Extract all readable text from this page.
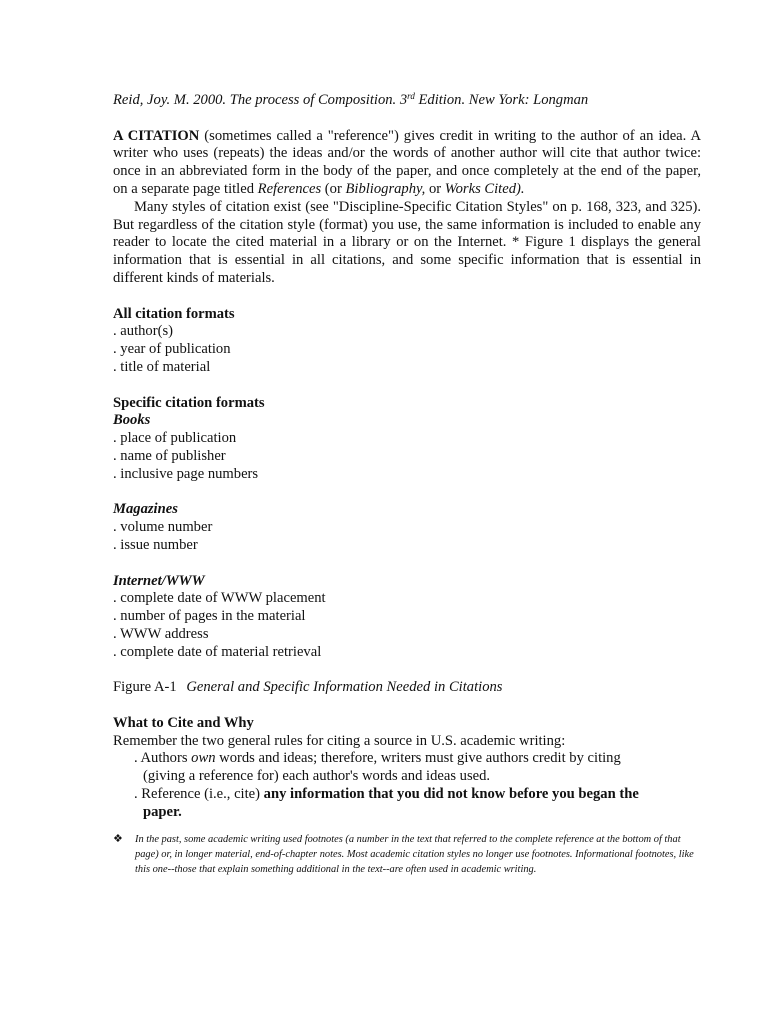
Reid, Joy. M. 2000. The process of Composition. 3rd Edition. New York: Longman

A CITATION (sometimes called a "reference") gives credit in writing to the author of an idea. A writer who uses (repeats) the ideas and/or the words of another author will cite that author twice: once in an abbreviated form in the body of the paper, and once completely at the end of the paper, on a separate page titled References (or Bibliography, or Works Cited).

Many styles of citation exist (see "Discipline-Specific Citation Styles" on p. 168, 323, and 325). But regardless of the citation style (format) you use, the same information is included to enable any reader to locate the cited material in a library or on the Internet. * Figure 1 displays the general information that is essential in all citations, and some specific information that is essential in different kinds of materials.

All citation formats

. author(s)
. year of publication
. title of material

Specific citation formats

Books

. place of publication
. name of publisher
. inclusive page numbers

Magazines

. volume number
. issue number

Internet/WWW

. complete date of WWW placement
. number of pages in the material
. WWW address
. complete date of material retrieval

Figure A-1 General and Specific Information Needed in Citations

What to Cite and Why

Remember the two general rules for citing a source in U.S. academic writing:

. Authors own words and ideas; therefore, writers must give authors credit by citing
(giving a reference for) each author's words and ideas used.
. Reference (i.e., cite) any information that you did not know before you began the
paper.
❖ In the past, some academic writing used footnotes (a number in the text that referred to the complete reference at the bottom of that page) or, in longer material, end-of-chapter notes. Most academic citation styles no longer use footnotes. Informational footnotes, like this one--those that explain something additional in the text--are often used in academic writing.
